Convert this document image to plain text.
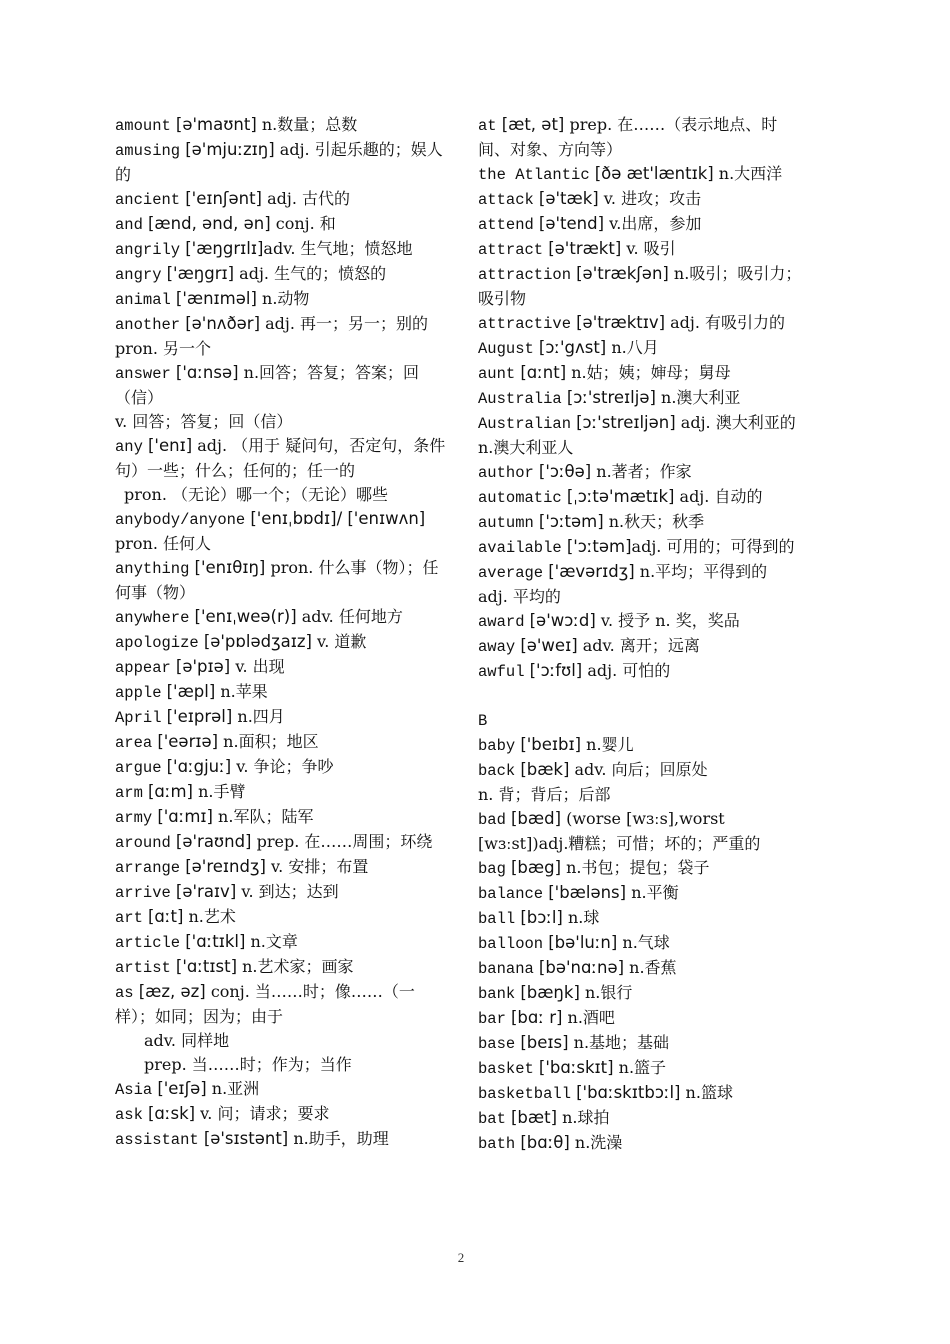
amount [ə'maʊnt] n.数量；总数
amusing [ə'mjuːzɪŋ] adj. 引起乐趣的；娱人的
ancient ['eɪnʃənt] adj. 古代的
and [ænd, ənd, ən] conj. 和
angrily ['æŋgrɪlɪ]adv. 生气地；愤怒地
angry ['æŋgrɪ] adj. 生气的；愤怒的
animal ['ænɪməl] n.动物
another [ə'nʌðər] adj. 再一；另一；别的 pron. 另一个
answer ['ɑːnsə] n.回答；答复；答案；回（信）
v. 回答；答复；回（信）
any ['enɪ] adj. （用于 疑问句，否定句，条件句）一些；什么；任何的；任一的
pron. （无论）哪一个；（无论）哪些
anybody/anyone ['enɪˌbɒdɪ]/ ['enɪwʌn] pron. 任何人
anything ['enɪθɪŋ] pron. 什么事（物）；任何事（物）
anywhere ['enɪˌweə(r)] adv. 任何地方
apologize [ə'pɒlədʒaɪz] v. 道歉
appear [ə'pɪə] v. 出现
apple ['æpl] n.苹果
April ['eɪprəl] n.四月
area ['eərɪə] n.面积；地区
argue ['ɑːgjuː] v. 争论；争吵
arm [ɑːm] n.手臂
army ['ɑːmɪ] n.军队；陆军
around [ə'raʊnd] prep. 在……周围；环绕
arrange [ə'reɪndʒ] v. 安排；布置
arrive [ə'raɪv] v. 到达；达到
art [ɑːt] n.艺术
article ['ɑːtɪkl] n.文章
artist ['ɑːtɪst] n.艺术家；画家
as [æz, əz] conj. 当……时；像……（一样）；如同；因为；由于
adv. 同样地
prep. 当……时；作为；当作
Asia ['eɪʃə] n.亚洲
ask [ɑːsk] v. 问；请求；要求
assistant [ə'sɪstənt] n.助手，助理
at [æt, ət] prep. 在……（表示地点、时间、对象、方向等）
the Atlantic [ðə æt'læntɪk] n.大西洋
attack [ə'tæk] v. 进攻；攻击
attend [ə'tend] v.出席，参加
attract [ə'trækt] v. 吸引
attraction [ə'trækʃən] n.吸引；吸引力；吸引物
attractive [ə'træktɪv] adj. 有吸引力的
August [ɔː'gʌst] n.八月
aunt [ɑːnt] n.姑；姨；婶母；舅母
Australia [ɔː'streɪljə] n.澳大利亚
Australian [ɔː'streɪljən] adj. 澳大利亚的 n.澳大利亚人
author ['ɔːθə] n.著者；作家
automatic [ˌɔːtə'mætɪk] adj. 自动的
autumn ['ɔːtəm] n.秋天；秋季
available ['ɔːtəm]adj. 可用的；可得到的
average ['ævərɪdʒ] n.平均；平得到的
adj. 平均的
award [ə'wɔːd] v. 授予 n. 奖，奖品
away [ə'weɪ] adv. 离开；远离
awful ['ɔːfʊl] adj. 可怕的
B
baby ['beɪbɪ] n.婴儿
back [bæk] adv. 向后；回原处
n. 背；背后；后部
bad [bæd] (worse [wɜːs],worst [wɜːst])adj.糟糕；可惜；坏的；严重的
bag [bæg] n.书包；提包；袋子
balance ['bæləns] n.平衡
ball [bɔːl] n.球
balloon [bə'luːn] n.气球
banana [bə'nɑːnə] n.香蕉
bank [bæŋk] n.银行
bar [bɑː r] n.酒吧
base [beɪs] n.基地；基础
basket ['bɑːskɪt] n.篮子
basketball ['bɑːskɪtbɔːl] n.篮球
bat [bæt] n.球拍
bath [bɑːθ] n.洗澡
2
